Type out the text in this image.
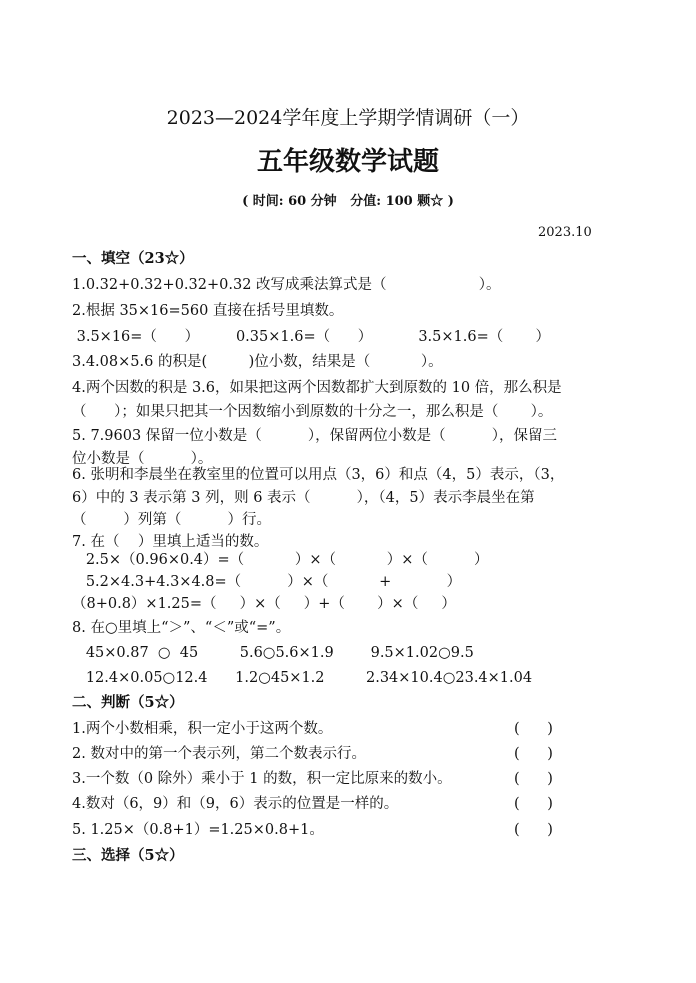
2023—2024学年度上学期学情调研（一）
五年级数学试题
( 时间: 60 分钟   分值: 100 颗☆ )
2023.10
一、填空（23☆）
1.0.32+0.32+0.32+0.32 改写成乘法算式是（                    ）。
2.根据 35×16=560 直接在括号里填数。
3.5×16=（      ）        0.35×1.6=（      ）          3.5×1.6=（       ）
3.4.08×5.6 的积是(         )位小数，结果是（           ）。
4.两个因数的积是 3.6，如果把这两个因数都扩大到原数的 10 倍，那么积是
（      ）；如果只把其一个因数缩小到原数的十分之一，那么积是（       ）。
5. 7.9603 保留一位小数是（          ），保留两位小数是（          ），保留三
位小数是（          ）。
6. 张明和李晨坐在教室里的位置可以用点（3，6）和点（4，5）表示，（3，
6）中的 3 表示第 3 列，则 6 表示（          ），（4，5）表示李晨坐在第
（        ）列第（          ）行。
7. 在（    ）里填上适当的数。
2.5×（0.96×0.4）=（           ）×（           ）×（          ）
5.2×4.3+4.3×4.8=（          ）×（           +            ）
（8+0.8）×1.25=（     ）×（     ）+（       ）×（     ）
8. 在○里填上“＞”、“＜”或“=”。
45×0.87  ○  45         5.6○5.6×1.9        9.5×1.02○9.5
12.4×0.05○12.4      1.2○45×1.2         2.34×10.4○23.4×1.04
二、判断（5☆）
1.两个小数相乘，积一定小于这两个数。	(      )
2. 数对中的第一个表示列，第二个数表示行。	(      )
3.一个数（0 除外）乘小于 1 的数，积一定比原来的数小。	(      )
4.数对（6，9）和（9，6）表示的位置是一样的。	(      )
5. 1.25×（0.8+1）=1.25×0.8+1。	(      )
三、选择（5☆）
